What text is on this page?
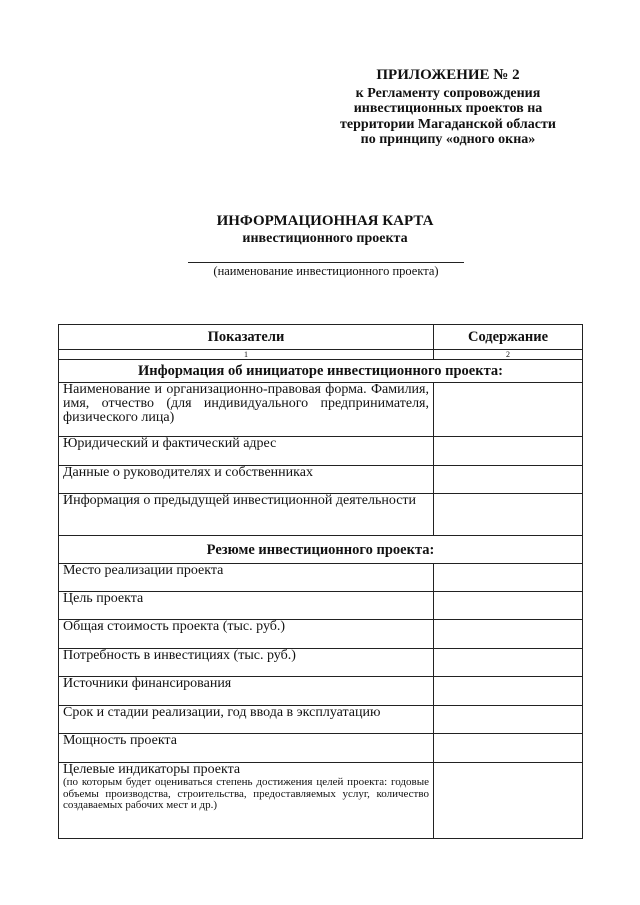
ПРИЛОЖЕНИЕ № 2
к Регламенту сопровождения
инвестиционных проектов на
территории Магаданской области
по принципу «одного окна»
ИНФОРМАЦИОННАЯ КАРТА
инвестиционного проекта
(наименование инвестиционного проекта)
Показатели	Содержание
1	2
Информация об инициаторе инвестиционного проекта:	
Наименование и организационно-правовая форма. Фамилия, имя, отчество (для индивидуального предпринимателя, физического лица)	
Юридический и фактический адрес	
Данные о руководителях и собственниках	
Информация о предыдущей инвестиционной деятельности	
Резюме инвестиционного проекта:	
Место реализации проекта	
Цель проекта	
Общая стоимость проекта (тыс. руб.)	
Потребность в инвестициях (тыс. руб.)	
Источники финансирования	
Срок и стадии реализации, год ввода в эксплуатацию	
Мощность проекта	

Целевые индикаторы проекта
(по которым будет оцениваться степень достижения целей проекта: годовые объемы производства, строительства, предоставляемых услуг, количество создаваемых рабочих мест и др.)	
